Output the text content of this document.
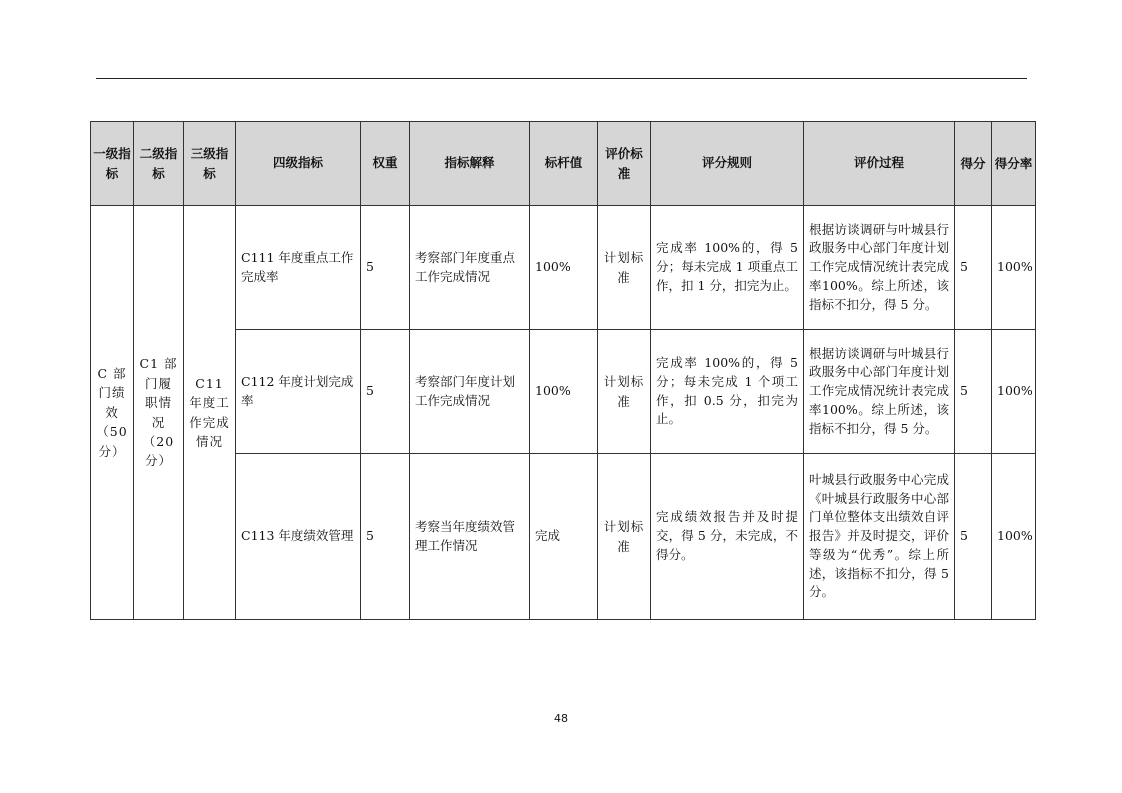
一级指标	二级指标	三级指标	四级指标	权重	指标解释	标杆值	评价标准	评分规则	评价过程	得分	得分率
C 部门绩效（50 分）	C1 部门履职情况（20 分）	C11 年度工作完成情况	C111 年度重点工作完成率	5	考察部门年度重点工作完成情况	100%	计划标准	完成率 100%的，得 5 分；每未完成 1 项重点工作，扣 1 分，扣完为止。	根据访谈调研与叶城县行政服务中心部门年度计划工作完成情况统计表完成率100%。综上所述，该指标不扣分，得 5 分。	5	100%
			C112 年度计划完成率	5	考察部门年度计划工作完成情况	100%	计划标准	完成率 100%的，得 5 分；每未完成 1 个项工作，扣 0.5 分，扣完为止。	根据访谈调研与叶城县行政服务中心部门年度计划工作完成情况统计表完成率100%。综上所述，该指标不扣分，得 5 分。	5	100%
			C113 年度绩效管理	5	考察当年度绩效管理工作情况	完成	计划标准	完成绩效报告并及时提交，得 5 分，未完成，不得分。	叶城县行政服务中心完成《叶城县行政服务中心部门单位整体支出绩效自评报告》并及时提交，评价等级为“优秀”。综上所述，该指标不扣分，得 5 分。	5	100%
48
